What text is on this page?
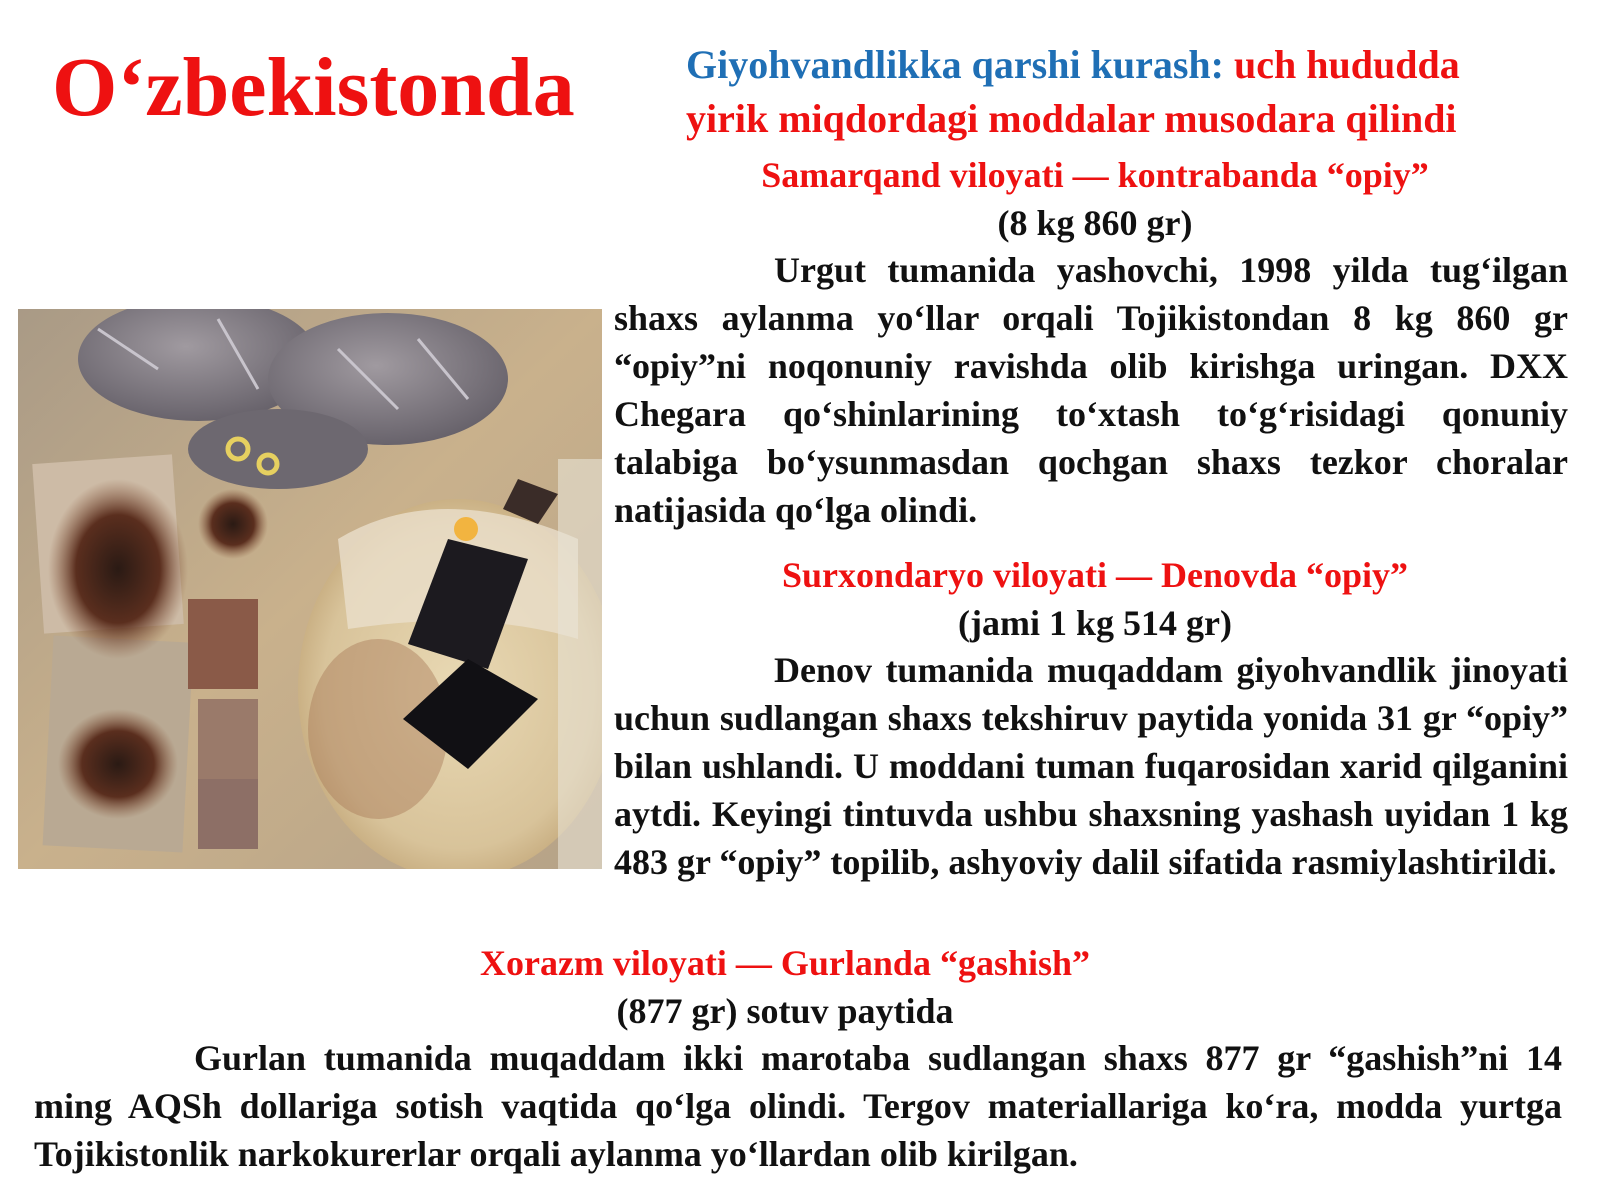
O‘zbekistonda	Giyohvandlikka qarshi kurash: uch hududda
yirik miqdordagi moddalar musodara qilindi
Samarqand viloyati — kontrabanda “opiy”
(8 kg 860 gr)
Urgut tumanida yashovchi, 1998 yilda tug‘ilgan shaxs aylanma yo‘llar orqali Tojikistondan 8 kg 860 gr “opiy”ni noqonuniy ravishda olib kirishga uringan. DXX Chegara qo‘shinlarining to‘xtash to‘g‘risidagi qonuniy talabiga bo‘ysunmasdan qochgan shaxs tezkor choralar natijasida qo‘lga olindi.
Surxondaryo viloyati — Denovda “opiy”
(jami 1 kg 514 gr)
Denov tumanida muqaddam giyohvandlik jinoyati uchun sudlangan shaxs tekshiruv paytida yonida 31 gr “opiy” bilan ushlandi. U moddani tuman fuqarosidan xarid qilganini aytdi. Keyingi tintuvda ushbu shaxsning yashash uyidan 1 kg 483 gr “opiy” topilib, ashyoviy dalil sifatida rasmiylashtirildi.
Xorazm viloyati — Gurlanda “gashish”
(877 gr) sotuv paytida
Gurlan tumanida muqaddam ikki marotaba sudlangan shaxs 877 gr “gashish”ni 14 ming AQSh dollariga sotish vaqtida qo‘lga olindi. Tergov materiallariga ko‘ra, modda yurtga Tojikistonlik narkokurerlar orqali aylanma yo‘llardan olib kirilgan.
